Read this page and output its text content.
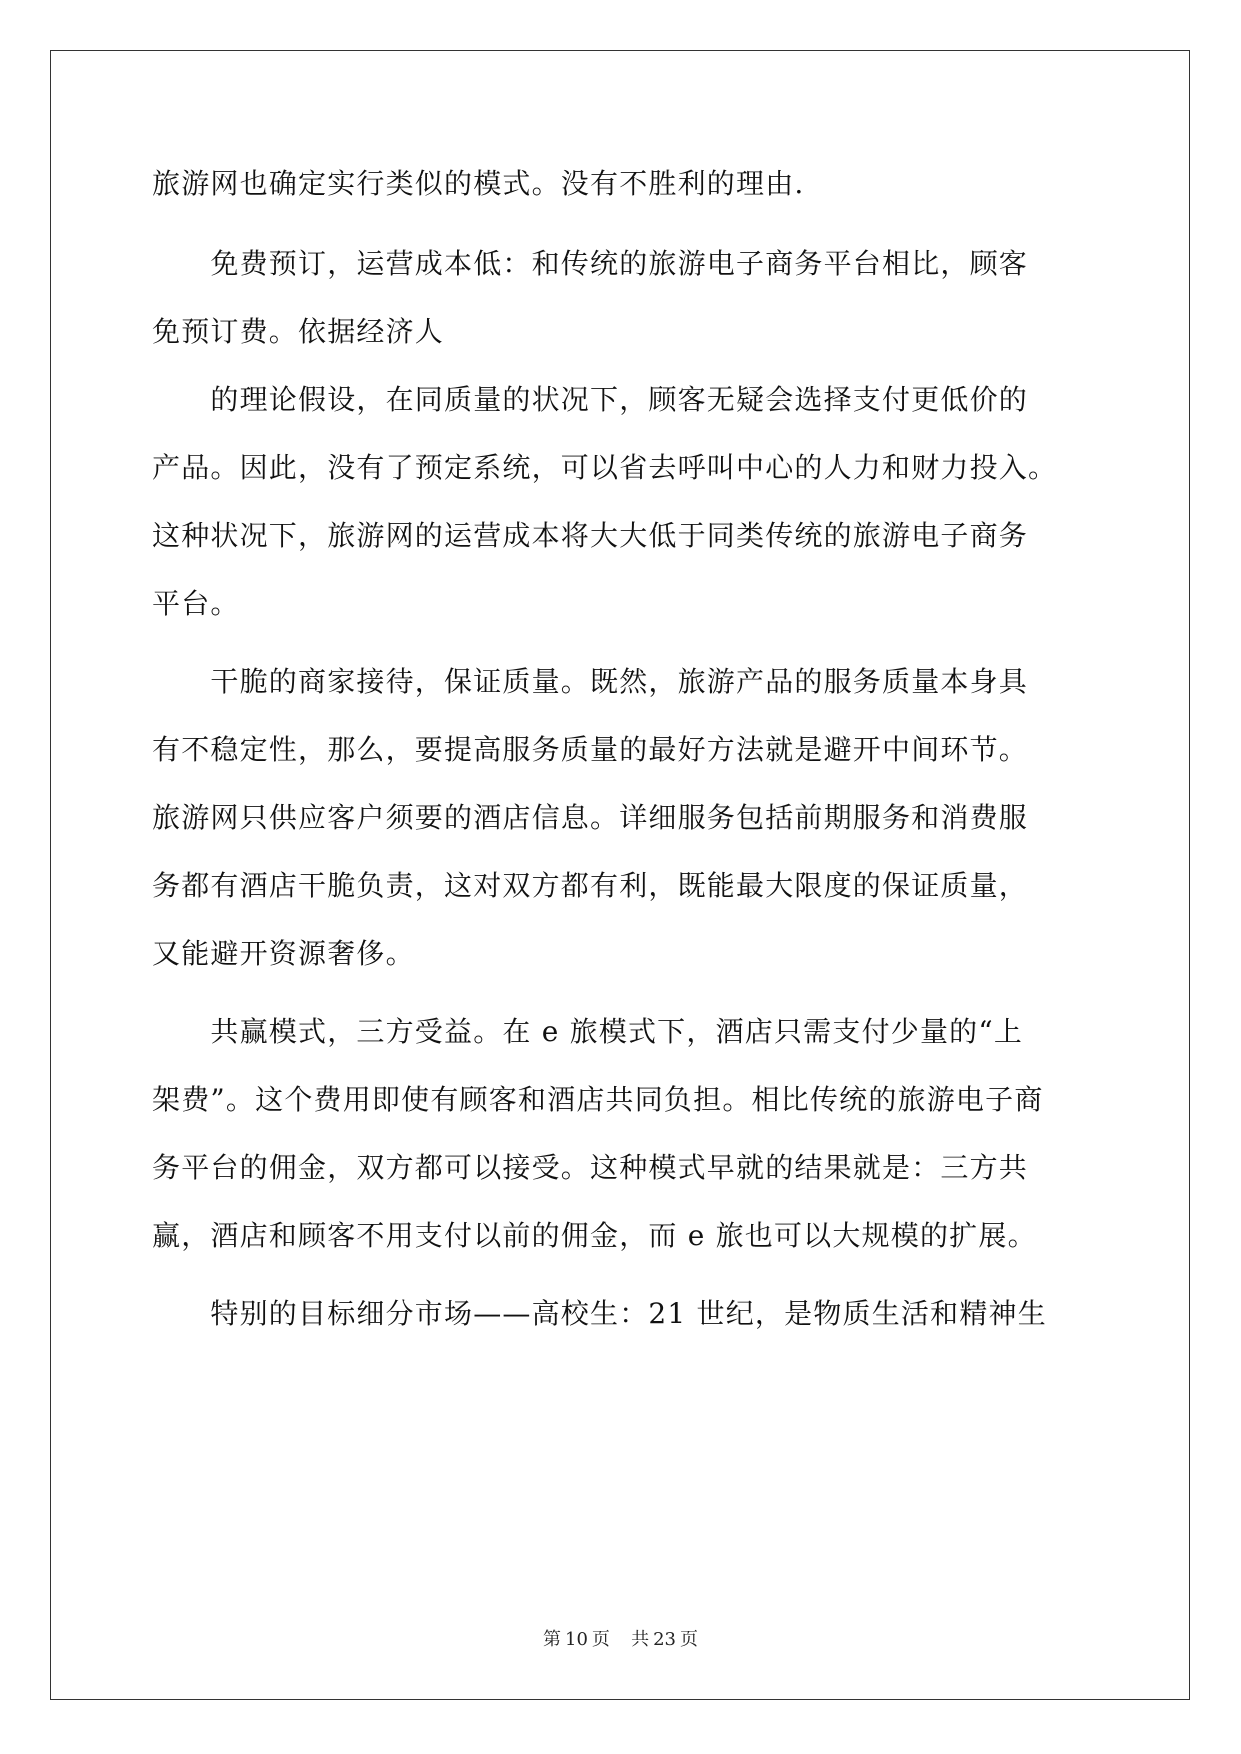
旅游网也确定实行类似的模式。没有不胜利的理由.
　　免费预订，运营成本低：和传统的旅游电子商务平台相比，顾客
免预订费。依据经济人
　　的理论假设，在同质量的状况下，顾客无疑会选择支付更低价的
产品。因此，没有了预定系统，可以省去呼叫中心的人力和财力投入。
这种状况下，旅游网的运营成本将大大低于同类传统的旅游电子商务
平台。
　　干脆的商家接待，保证质量。既然，旅游产品的服务质量本身具
有不稳定性，那么，要提高服务质量的最好方法就是避开中间环节。
旅游网只供应客户须要的酒店信息。详细服务包括前期服务和消费服
务都有酒店干脆负责，这对双方都有利，既能最大限度的保证质量，
又能避开资源奢侈。
　　共赢模式，三方受益。在 e 旅模式下，酒店只需支付少量的“上
架费”。这个费用即使有顾客和酒店共同负担。相比传统的旅游电子商
务平台的佣金，双方都可以接受。这种模式早就的结果就是：三方共
赢，酒店和顾客不用支付以前的佣金，而 e 旅也可以大规模的扩展。
　　特别的目标细分市场——高校生：21 世纪，是物质生活和精神生
第 10 页 共 23 页
